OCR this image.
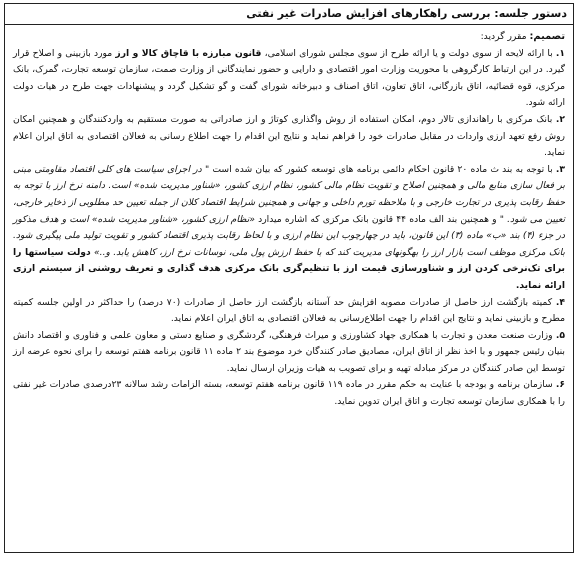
دستور جلسه: بررسی راهکارهای افزایش صادرات غیر نفتی

تصمیم: مقرر گردید:

۱. با ارائه لایحه از سوی دولت و یا ارائه طرح از سوی مجلس شورای اسلامی، قانون مبارزه با قاچاق کالا و ارز مورد بازبینی و اصلاح قرار گیرد. در این ارتباط کارگروهی با محوریت وزارت امور اقتصادی و دارایی و حضور نمایندگانی از وزارت صمت، سازمان توسعه تجارت، گمرک، بانک مرکزی، قوه قضائیه، اتاق بازرگانی، اتاق تعاون، اتاق اصناف و دبیرخانه شورای گفت و گو تشکیل گردد و پیشنهادات جهت طرح در هیات دولت ارائه شود.

۲. بانک مرکزی با راهاندازی تالار دوم، امکان استفاده از روش واگذاری کوتاژ و ارز صادراتی به صورت مستقیم به واردکنندگان و همچنین امکان روش رفع تعهد ارزی واردات در مقابل صادرات خود را فراهم نماید و نتایج این اقدام را جهت اطلاع رسانی به فعالان اقتصادی به اتاق ایران اعلام نماید.

۳. با توجه به بند ث ماده ۲۰ قانون احکام دائمی برنامه های توسعه کشور که بیان شده است " در اجرای سیاست های کلی اقتصاد مقاومتی مبنی بر فعال سازی منابع مالی و همچنین اصلاح و تقویت نظام مالی کشور، نظام ارزی کشور، «شناور مدیریت شده» است. دامنه نرخ ارز با توجه به حفظ رقابت پذیری در تجارت خارجی و با ملاحظه تورم داخلی و جهانی و همچنین شرایط اقتصاد کلان از جمله تعیین حد مطلوبی از ذخایر خارجی، تعیین می شود. " و همچنین بند الف ماده ۴۴ قانون بانک مرکزی که اشاره میدارد «نظام ارزی کشور، «شناور مدیریت شده» است و هدف مذکور در جزء (۴) بند «ب» ماده (۳) این قانون، باید در چهارچوب این نظام ارزی و با لحاظ رقابت پذیری اقتصاد کشور و تقویت تولید ملی پیگیری شود. بانک مرکزی موظف است بازار ارز را بهگونهای مدیریت کند که با حفظ ارزش پول ملی، نوسانات نرخ ارز، کاهش یابد. و..» دولت سیاستها را برای تک‌نرخی کردن ارز و شناورسازی قیمت ارز با تنظیم‌گری بانک مرکزی هدف گذاری و تعریف روشنی از سیستم ارزی ارائه نماید.

۴. کمیته بازگشت ارز حاصل از صادرات مصوبه افزایش حد آستانه بازگشت ارز حاصل از صادرات (۷۰ درصد) را حداکثر در اولین جلسه کمیته مطرح و بازبینی نماید و نتایج این اقدام را جهت اطلاع‌رسانی به فعالان اقتصادی به اتاق ایران اعلام نماید.

۵. وزارت صنعت معدن و تجارت با همکاری جهاد کشاورزی و میراث فرهنگی، گردشگری و صنایع دستی و معاون علمی و فناوری و اقتصاد دانش بنیان رئیس جمهور و با اخذ نظر از اتاق ایران، مصادیق صادر کنندگان خرد موضوع بند ۲ ماده ۱۱ قانون برنامه هفتم توسعه را برای نحوه عرضه ارز توسط این صادر کنندگان در مرکز مبادله تهیه و برای تصویب به هیات وزیران ارسال نماید.

۶. سازمان برنامه و بودجه با عنایت به حکم مقرر در ماده ۱۱۹ قانون برنامه هفتم توسعه، بسته الزامات رشد سالانه ۲۳درصدی صادرات غیر نفتی را با همکاری سازمان توسعه تجارت و اتاق ایران تدوین نماید.
